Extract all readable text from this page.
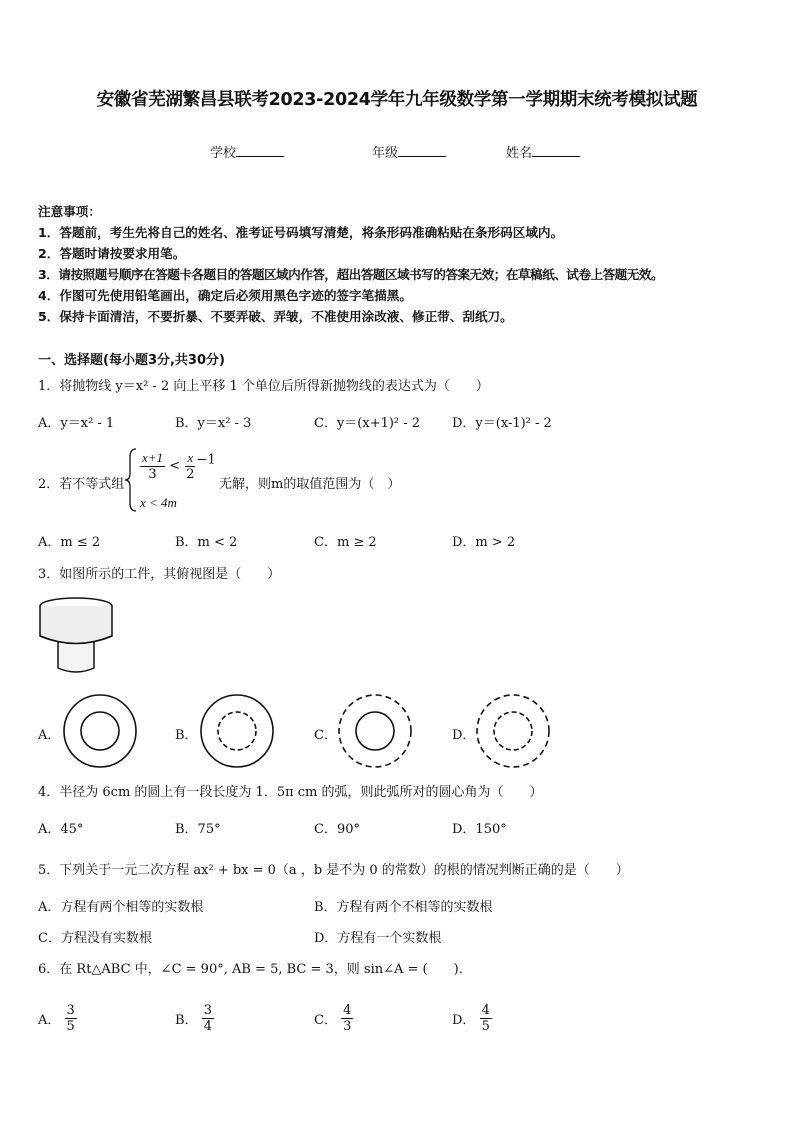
安徽省芜湖繁昌县联考2023-2024学年九年级数学第一学期期末统考模拟试题
学校	年级	姓名
注意事项：
1．答题前，考生先将自己的姓名、准考证号码填写清楚，将条形码准确粘贴在条形码区域内。
2．答题时请按要求用笔。
3．请按照题号顺序在答题卡各题目的答题区域内作答，超出答题区域书写的答案无效；在草稿纸、试卷上答题无效。
4．作图可先使用铅笔画出，确定后必须用黑色字迹的签字笔描黑。
5．保持卡面清洁，不要折暴、不要弄破、弄皱，不准使用涂改液、修正带、刮纸刀。
一、选择题(每小题3分,共30分)
1．将抛物线 y＝x² - 2 向上平移 1 个单位后所得新抛物线的表达式为（　　）
A．y＝x² - 1	B．y＝x² - 3	C．y＝(x+1)² - 2 D．y＝(x-1)² - 2
2．若不等式组
$\frac{x+1}{3} < \frac{x}{2} -1$
无解，则m的取值范围为（　）
x < 4m
A．m ≤ 2	B．m < 2	C．m ≥ 2	D．m > 2
3．如图所示的工件，其俯视图是（　　）
A．	B．	C．	D．
4．半径为 6cm 的圆上有一段长度为 1．5π cm 的弧，则此弧所对的圆心角为（　　）
A．45°	B．75°	C．90°	D．150°
5．下列关于一元二次方程 ax² + bx = 0（a ，b 是不为 0 的常数）的根的情况判断正确的是（　　）
A．方程有两个相等的实数根	B．方程有两个不相等的实数根
C．方程没有实数根	D．方程有一个实数根
6．在 Rt△ABC 中，∠C = 90°, AB = 5, BC = 3，则 sin∠A = (　　)．
A． $\frac{3}{5}$	B． $\frac{3}{4}$	C． $\frac{4}{3}$	D． $\frac{4}{5}$
